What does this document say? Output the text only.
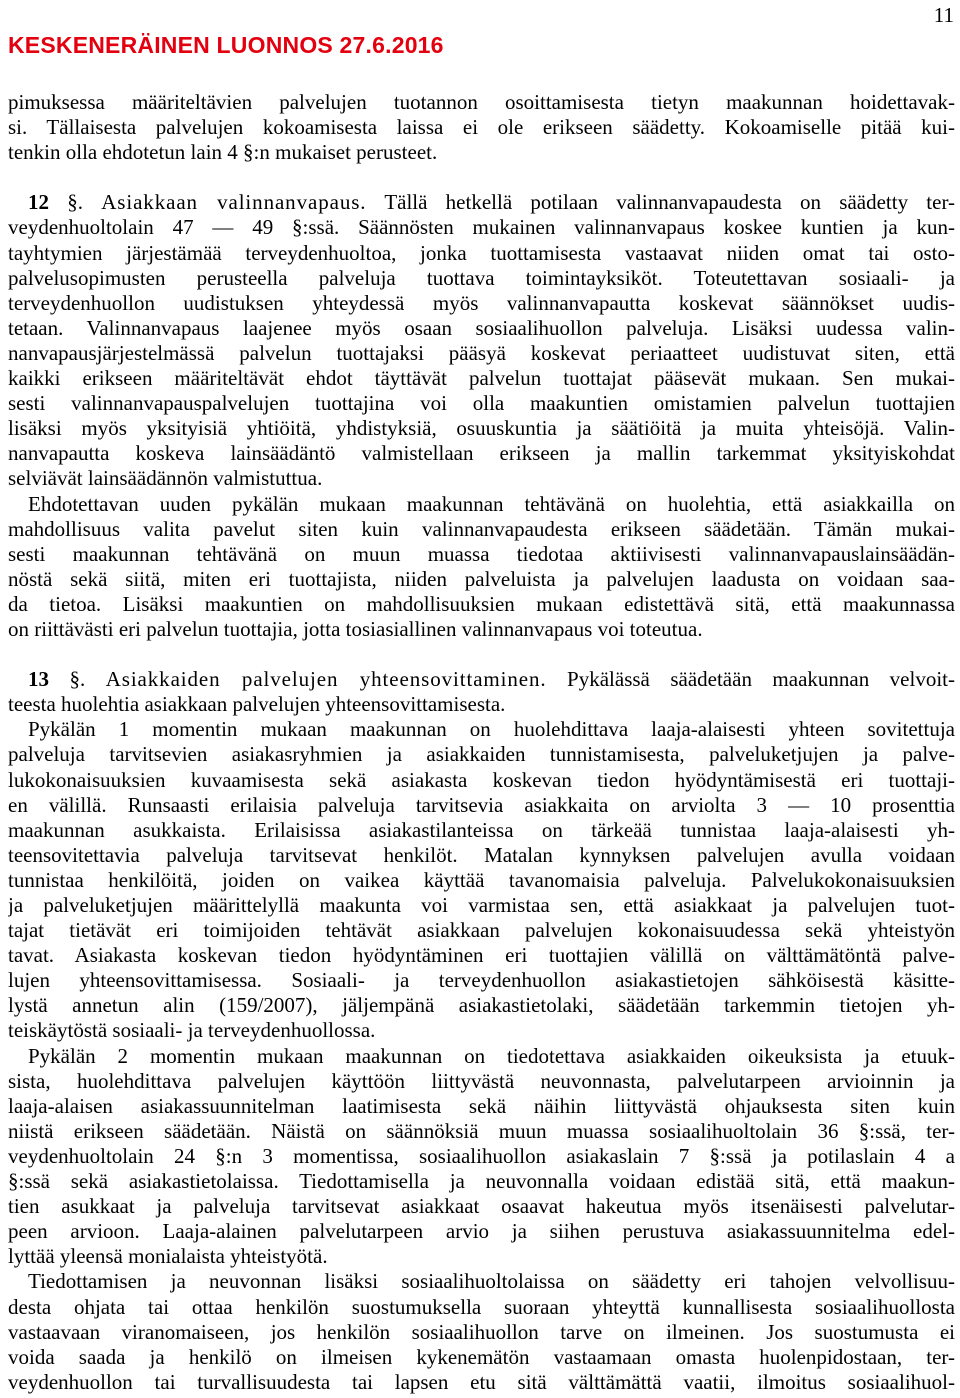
11
KESKENERÄINEN LUONNOS 27.6.2016
pimuksessa määriteltävien palvelujen tuotannon osoittamisesta tietyn maakunnan hoidettavak-
si. Tällaisesta palvelujen kokoamisesta laissa ei ole erikseen säädetty. Kokoamiselle pitää kui-
tenkin olla ehdotetun lain 4 §:n mukaiset perusteet.
12 §. Asiakkaan valinnanvapaus. Tällä hetkellä potilaan valinnanvapaudesta on säädetty ter-
veydenhuoltolain 47 — 49 §:ssä. Säännösten mukainen valinnanvapaus koskee kuntien ja kun-
tayhtymien järjestämää terveydenhuoltoa, jonka tuottamisesta vastaavat niiden omat tai osto-
palvelusopimusten perusteella palveluja tuottava toimintayksiköt. Toteutettavan sosiaali- ja
terveydenhuollon uudistuksen yhteydessä myös valinnanvapautta koskevat säännökset uudis-
tetaan. Valinnanvapaus laajenee myös osaan sosiaalihuollon palveluja. Lisäksi uudessa valin-
nanvapausjärjestelmässä palvelun tuottajaksi pääsyä koskevat periaatteet uudistuvat siten, että
kaikki erikseen määriteltävät ehdot täyttävät palvelun tuottajat pääsevät mukaan. Sen mukai-
sesti valinnanvapauspalvelujen tuottajina voi olla maakuntien omistamien palvelun tuottajien
lisäksi myös yksityisiä yhtiöitä, yhdistyksiä, osuuskuntia ja säätiöitä ja muita yhteisöjä. Valin-
nanvapautta koskeva lainsäädäntö valmistellaan erikseen ja mallin tarkemmat yksityiskohdat
selviävät lainsäädännön valmistuttua.
Ehdotettavan uuden pykälän mukaan maakunnan tehtävänä on huolehtia, että asiakkailla on
mahdollisuus valita pavelut siten kuin valinnanvapaudesta erikseen säädetään. Tämän mukai-
sesti maakunnan tehtävänä on muun muassa tiedotaa aktiivisesti valinnanvapauslainsäädän-
nöstä sekä siitä, miten eri tuottajista, niiden palveluista ja palvelujen laadusta on voidaan saa-
da tietoa. Lisäksi maakuntien on mahdollisuuksien mukaan edistettävä sitä, että maakunnassa
on riittävästi eri palvelun tuottajia, jotta tosiasiallinen valinnanvapaus voi toteutua.
13 §. Asiakkaiden palvelujen yhteensovittaminen. Pykälässä säädetään maakunnan velvoit-
teesta huolehtia asiakkaan palvelujen yhteensovittamisesta.
Pykälän 1 momentin mukaan maakunnan on huolehdittava laaja-alaisesti yhteen sovitettuja
palveluja tarvitsevien asiakasryhmien ja asiakkaiden tunnistamisesta, palveluketjujen ja palve-
lukokonaisuuksien kuvaamisesta sekä asiakasta koskevan tiedon hyödyntämisestä eri tuottaji-
en välillä. Runsaasti erilaisia palveluja tarvitsevia asiakkaita on arviolta 3 — 10 prosenttia
maakunnan asukkaista. Erilaisissa asiakastilanteissa on tärkeää tunnistaa laaja-alaisesti yh-
teensovitettavia palveluja tarvitsevat henkilöt. Matalan kynnyksen palvelujen avulla voidaan
tunnistaa henkilöitä, joiden on vaikea käyttää tavanomaisia palveluja. Palvelukokonaisuuksien
ja palveluketjujen määrittelyllä maakunta voi varmistaa sen, että asiakkaat ja palvelujen tuot-
tajat tietävät eri toimijoiden tehtävät asiakkaan palvelujen kokonaisuudessa sekä yhteistyön
tavat. Asiakasta koskevan tiedon hyödyntäminen eri tuottajien välillä on välttämätöntä palve-
lujen yhteensovittamisessa. Sosiaali- ja terveydenhuollon asiakastietojen sähköisestä käsitte-
lystä annetun alin (159/2007), jäljempänä asiakastietolaki, säädetään tarkemmin tietojen yh-
teiskäytöstä sosiaali- ja terveydenhuollossa.
Pykälän 2 momentin mukaan maakunnan on tiedotettava asiakkaiden oikeuksista ja etuuk-
sista, huolehdittava palvelujen käyttöön liittyvästä neuvonnasta, palvelutarpeen arvioinnin ja
laaja-alaisen asiakassuunnitelman laatimisesta sekä näihin liittyvästä ohjauksesta siten kuin
niistä erikseen säädetään. Näistä on säännöksiä muun muassa sosiaalihuoltolain 36 §:ssä, ter-
veydenhuoltolain 24 §:n 3 momentissa, sosiaalihuollon asiakaslain 7 §:ssä ja potilaslain 4 a
§:ssä sekä asiakastietolaissa. Tiedottamisella ja neuvonnalla voidaan edistää sitä, että maakun-
tien asukkaat ja palveluja tarvitsevat asiakkaat osaavat hakeutua myös itsenäisesti palvelutar-
peen arvioon. Laaja-alainen palvelutarpeen arvio ja siihen perustuva asiakassuunnitelma edel-
lyttää yleensä monialaista yhteistyötä.
Tiedottamisen ja neuvonnan lisäksi sosiaalihuoltolaissa on säädetty eri tahojen velvollisuu-
desta ohjata tai ottaa henkilön suostumuksella suoraan yhteyttä kunnallisesta sosiaalihuollosta
vastaavaan viranomaiseen, jos henkilön sosiaalihuollon tarve on ilmeinen. Jos suostumusta ei
voida saada ja henkilö on ilmeisen kykenemätön vastaamaan omasta huolenpidostaan, ter-
veydenhuollon tai turvallisuudesta tai lapsen etu sitä välttämättä vaatii, ilmoitus sosiaalihuol-
